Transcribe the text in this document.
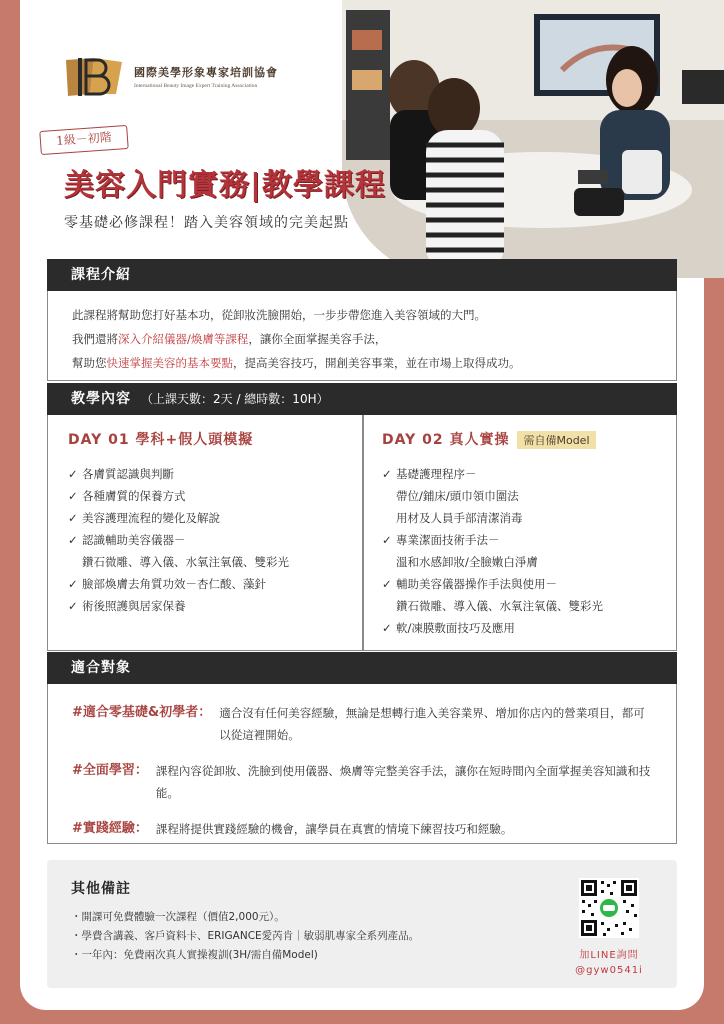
國際美學形象專家培訓協會
International Beauty Image Expert Training Association
1級－初階
美容入門實務|教學課程
零基礎必修課程！踏入美容領域的完美起點
課程介紹

此課程將幫助您打好基本功，從卸妝洗臉開始，一步步帶您進入美容領域的大門。

我們還將深入介紹儀器/煥膚等課程，讓你全面掌握美容手法，

幫助您快速掌握美容的基本要點，提高美容技巧，開創美容事業，並在市場上取得成功。

教學內容 （上課天數：2天 / 總時數：10H）
DAY 01 學科+假人頭模擬
✓ 各膚質認識與判斷
✓ 各種膚質的保養方式
✓ 美容護理流程的變化及解說
✓ 認識輔助美容儀器－
鑽石微雕、導入儀、水氧注氧儀、雙彩光
✓ 臉部煥膚去角質功效－杏仁酸、藻針
✓ 術後照護與居家保養
DAY 02 真人實操 需自備Model
✓ 基礎護理程序－
帶位/鋪床/頭巾領巾圍法
用材及人員手部清潔消毒
✓ 專業潔面技術手法－
溫和水感卸妝/全臉嫩白淨膚
✓ 輔助美容儀器操作手法與使用－
鑽石微雕、導入儀、水氧注氧儀、雙彩光
✓ 軟/凍膜敷面技巧及應用
適合對象
#適合零基礎&初學者： 適合沒有任何美容經驗，無論是想轉行進入美容業界、增加你店內的營業項目，都可以從這裡開始。
#全面學習： 課程內容從卸妝、洗臉到使用儀器、煥膚等完整美容手法，讓你在短時間內全面掌握美容知識和技能。
#實踐經驗： 課程將提供實踐經驗的機會，讓學員在真實的情境下練習技巧和經驗。
其他備註
・開課可免費體驗一次課程（價值2,000元）。
・學費含講義、客戶資料卡、ERIGANCE愛芮肯｜敏弱肌專家全系列產品。
・一年內：免費兩次真人實操複訓(3H/需自備Model)	加LINE詢問
@gyw0541i
